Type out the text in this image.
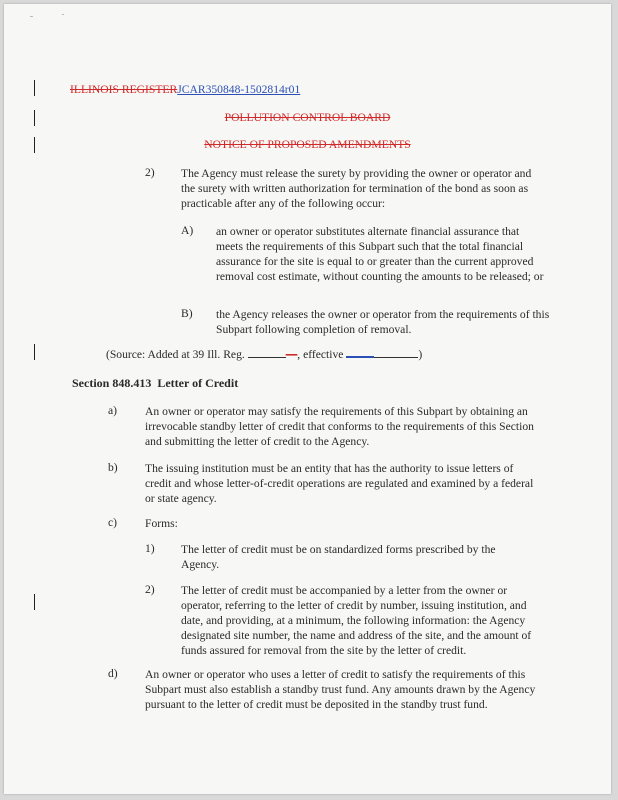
ILLINOIS REGISTERJCAR350848-1502814r01
POLLUTION CONTROL BOARD
NOTICE OF PROPOSED AMENDMENTS
2) The Agency must release the surety by providing the owner or operator and the surety with written authorization for termination of the bond as soon as practicable after any of the following occur:
A) an owner or operator substitutes alternate financial assurance that meets the requirements of this Subpart such that the total financial assurance for the site is equal to or greater than the current approved removal cost estimate, without counting the amounts to be released; or
B) the Agency releases the owner or operator from the requirements of this Subpart following completion of removal.
(Source: Added at 39 Ill. Reg.	—, effective	)
Section 848.413  Letter of Credit
a) An owner or operator may satisfy the requirements of this Subpart by obtaining an irrevocable standby letter of credit that conforms to the requirements of this Section and submitting the letter of credit to the Agency.
b) The issuing institution must be an entity that has the authority to issue letters of credit and whose letter-of-credit operations are regulated and examined by a federal or state agency.
c) Forms:
1) The letter of credit must be on standardized forms prescribed by the Agency.
2) The letter of credit must be accompanied by a letter from the owner or operator, referring to the letter of credit by number, issuing institution, and date, and providing, at a minimum, the following information: the Agency designated site number, the name and address of the site, and the amount of funds assured for removal from the site by the letter of credit.
d) An owner or operator who uses a letter of credit to satisfy the requirements of this Subpart must also establish a standby trust fund. Any amounts drawn by the Agency pursuant to the letter of credit must be deposited in the standby trust fund.
